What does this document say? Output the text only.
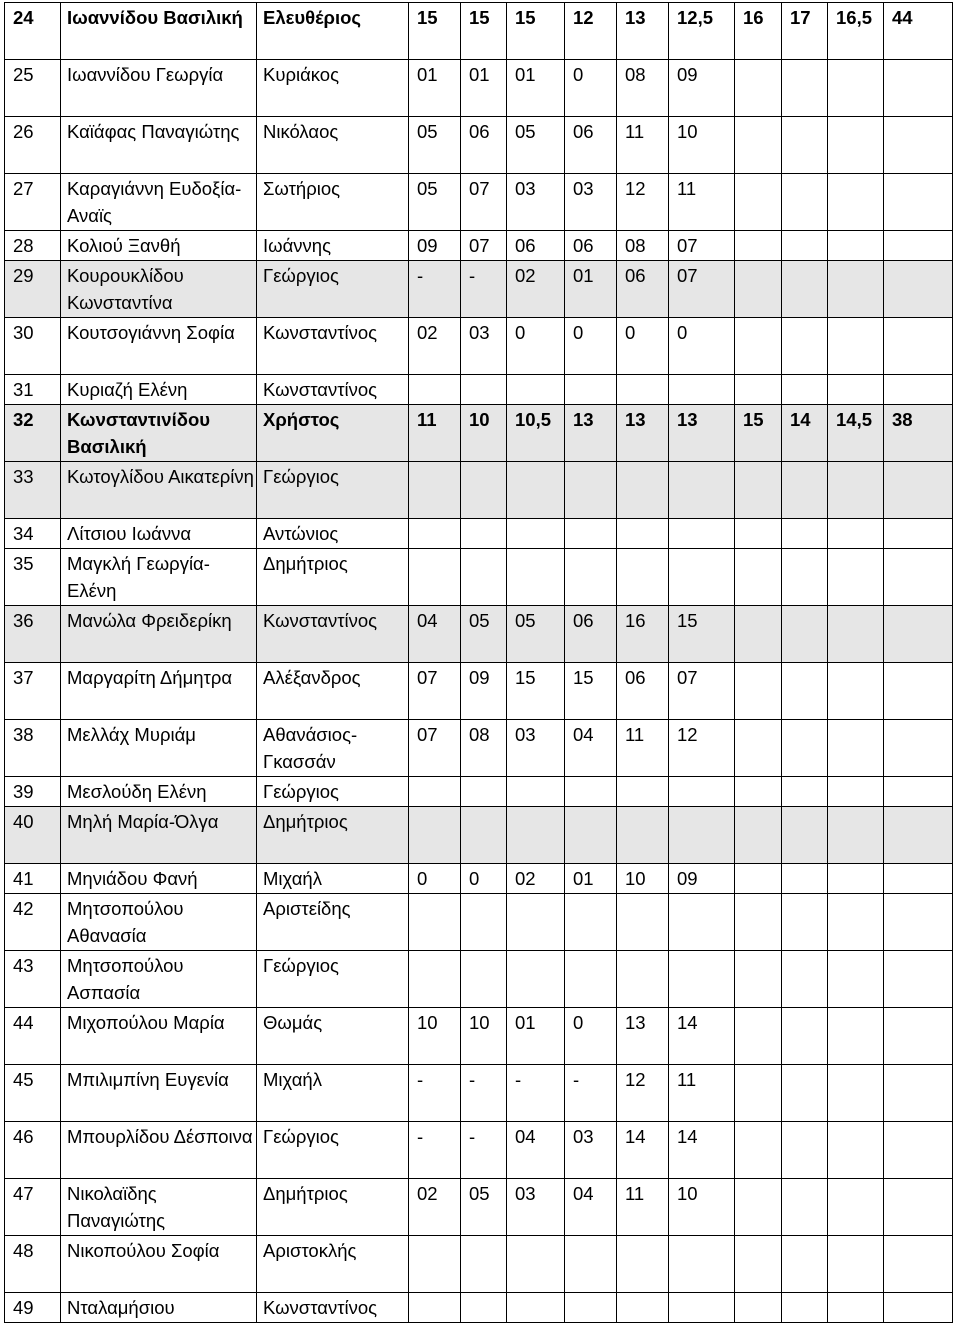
24	Ιωαννίδου Βασιλική	Ελευθέριος	15	15	15	12	13	12,5	16	17	16,5	44
25	Ιωαννίδου Γεωργία	Κυριάκος	01	01	01	0	08	09				
26	Καϊάφας Παναγιώτης	Νικόλαος	05	06	05	06	11	10				
27	Καραγιάννη Ευδοξία-Αναϊς	Σωτήριος	05	07	03	03	12	11				
28	Κολιού Ξανθή	Ιωάννης	09	07	06	06	08	07				
29	Κουρουκλίδου Κωνσταντίνα	Γεώργιος	-	-	02	01	06	07				
30	Κουτσογιάννη Σοφία	Κωνσταντίνος	02	03	0	0	0	0				
31	Κυριαζή Ελένη	Κωνσταντίνος										
32	Κωνσταντινίδου Βασιλική	Χρήστος	11	10	10,5	13	13	13	15	14	14,5	38
33	Κωτογλίδου Αικατερίνη	Γεώργιος										
34	Λίτσιου Ιωάννα	Αντώνιος										
35	Μαγκλή Γεωργία-Ελένη	Δημήτριος										
36	Μανώλα Φρειδερίκη	Κωνσταντίνος	04	05	05	06	16	15				
37	Μαργαρίτη Δήμητρα	Αλέξανδρος	07	09	15	15	06	07				
38	Μελλάχ Μυριάμ	Αθανάσιος-Γκασσάν	07	08	03	04	11	12				
39	Μεσλούδη Ελένη	Γεώργιος										
40	Μηλή Μαρία-Όλγα	Δημήτριος										
41	Μηνιάδου Φανή	Μιχαήλ	0	0	02	01	10	09				
42	Μητσοπούλου Αθανασία	Αριστείδης										
43	Μητσοπούλου Ασπασία	Γεώργιος										
44	Μιχοπούλου Μαρία	Θωμάς	10	10	01	0	13	14				
45	Μπιλιμπίνη Ευγενία	Μιχαήλ	-	-	-	-	12	11				
46	Μπουρλίδου Δέσποινα	Γεώργιος	-	-	04	03	14	14				
47	Νικολαϊδης Παναγιώτης	Δημήτριος	02	05	03	04	11	10				
48	Νικοπούλου Σοφία	Αριστοκλής										
49	Νταλαμήσιου	Κωνσταντίνος										
